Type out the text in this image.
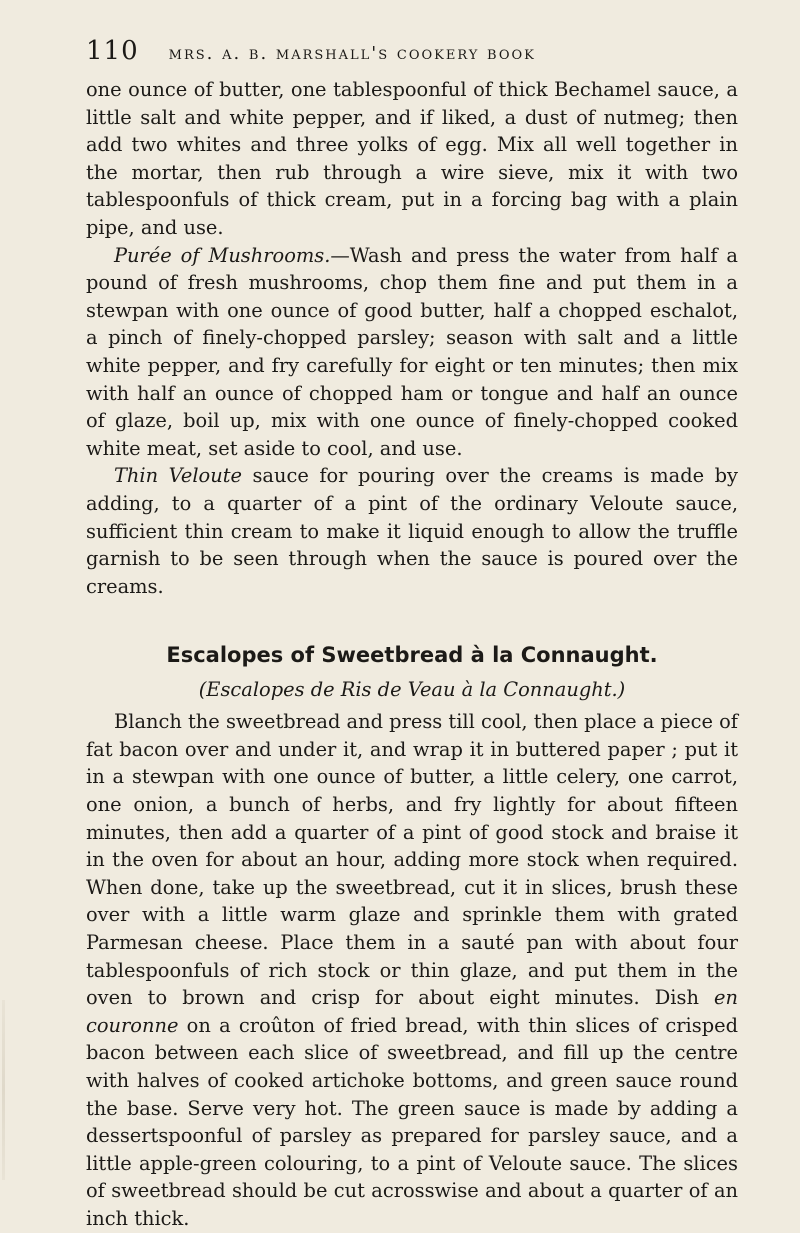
110 mrs. a. b. marshall's cookery book

one ounce of butter, one tablespoonful of thick Bechamel sauce, a little salt and white pepper, and if liked, a dust of nutmeg; then add two whites and three yolks of egg. Mix all well together in the mortar, then rub through a wire sieve, mix it with two tablespoonfuls of thick cream, put in a forcing bag with a plain pipe, and use.

Purée of Mushrooms.—Wash and press the water from half a pound of fresh mushrooms, chop them fine and put them in a stewpan with one ounce of good butter, half a chopped eschalot, a pinch of finely-chopped parsley; season with salt and a little white pepper, and fry carefully for eight or ten minutes; then mix with half an ounce of chopped ham or tongue and half an ounce of glaze, boil up, mix with one ounce of finely-chopped cooked white meat, set aside to cool, and use.

Thin Veloute sauce for pouring over the creams is made by adding, to a quarter of a pint of the ordinary Veloute sauce, sufficient thin cream to make it liquid enough to allow the truffle garnish to be seen through when the sauce is poured over the creams.

Escalopes of Sweetbread à la Connaught.
(Escalopes de Ris de Veau à la Connaught.)

Blanch the sweetbread and press till cool, then place a piece of fat bacon over and under it, and wrap it in buttered paper ; put it in a stewpan with one ounce of butter, a little celery, one carrot, one onion, a bunch of herbs, and fry lightly for about fifteen minutes, then add a quarter of a pint of good stock and braise it in the oven for about an hour, adding more stock when required. When done, take up the sweetbread, cut it in slices, brush these over with a little warm glaze and sprinkle them with grated Parmesan cheese. Place them in a sauté pan with about four tablespoonfuls of rich stock or thin glaze, and put them in the oven to brown and crisp for about eight minutes. Dish en couronne on a croûton of fried bread, with thin slices of crisped bacon between each slice of sweetbread, and fill up the centre with halves of cooked artichoke bottoms, and green sauce round the base. Serve very hot. The green sauce is made by adding a dessertspoonful of parsley as prepared for parsley sauce, and a little apple-green colouring, to a pint of Veloute sauce. The slices of sweetbread should be cut acrosswise and about a quarter of an inch thick.
